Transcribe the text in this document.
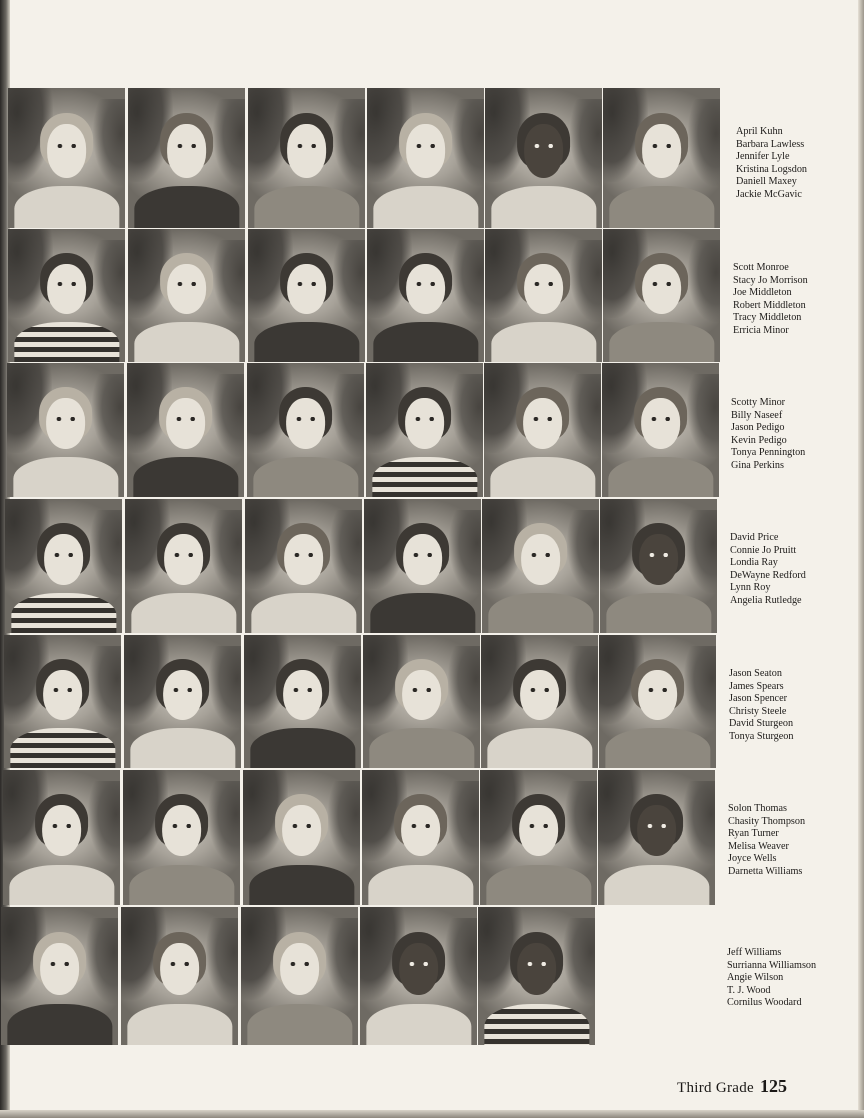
April Kuhn
Barbara Lawless
Jennifer Lyle
Kristina Logsdon
Daniell Maxey
Jackie McGavic
Scott Monroe
Stacy Jo Morrison
Joe Middleton
Robert Middleton
Tracy Middleton
Erricia Minor
Scotty Minor
Billy Naseef
Jason Pedigo
Kevin Pedigo
Tonya Pennington
Gina Perkins
David Price
Connie Jo Pruitt
Londia Ray
DeWayne Redford
Lynn Roy
Angelia Rutledge
Jason Seaton
James Spears
Jason Spencer
Christy Steele
David Sturgeon
Tonya Sturgeon
Solon Thomas
Chasity Thompson
Ryan Turner
Melisa Weaver
Joyce Wells
Darnetta Williams
Jeff Williams
Surrianna Williamson
Angie Wilson
T. J. Wood
Cornilus Woodard
Third Grade 125
